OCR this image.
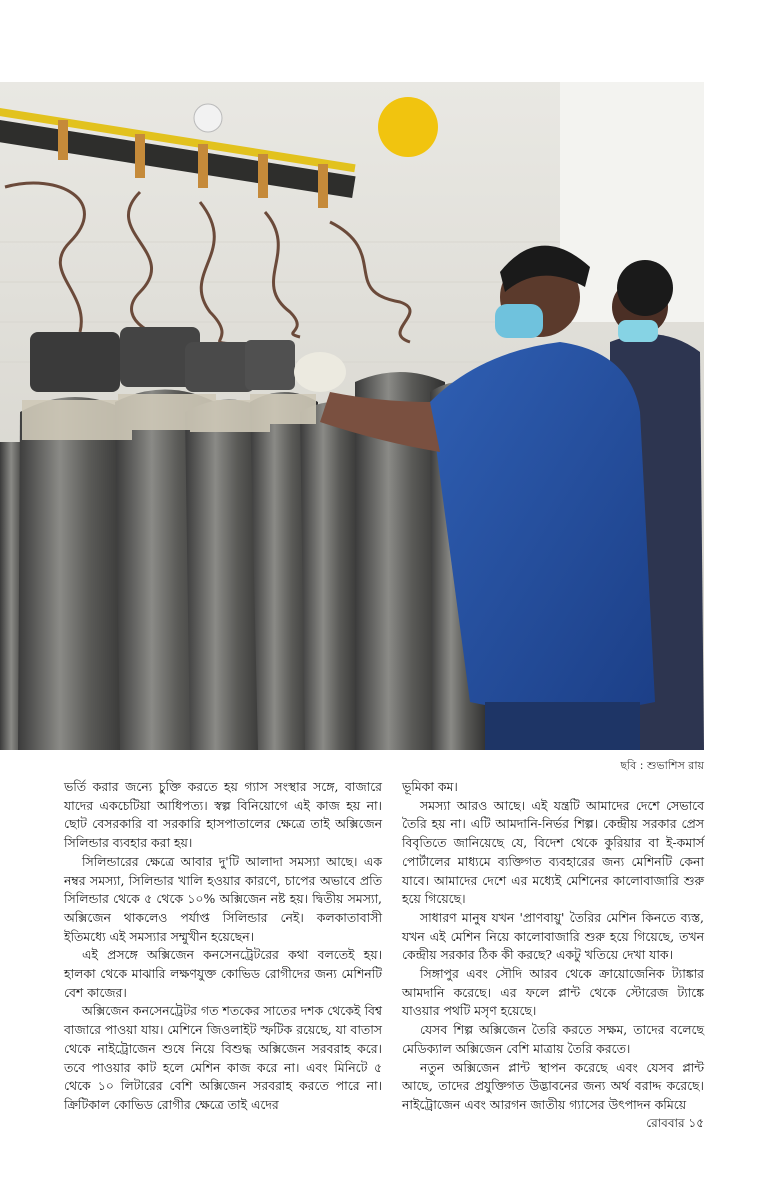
ছবি : শুভাশিস রায়

ভর্তি করার জন্যে চুক্তি করতে হয় গ্যাস সংস্থার সঙ্গে, বাজারে যাদের একচেটিয়া আধিপত্য। স্বল্প বিনিয়োগে এই কাজ হয় না। ছোট বেসরকারি বা সরকারি হাসপাতালের ক্ষেত্রে তাই অক্সিজেন সিলিন্ডার ব্যবহার করা হয়।

সিলিন্ডারের ক্ষেত্রে আবার দু'টি আলাদা সমস্যা আছে। এক নম্বর সমস্যা, সিলিন্ডার খালি হওয়ার কারণে, চাপের অভাবে প্রতি সিলিন্ডার থেকে ৫ থেকে ১০% অক্সিজেন নষ্ট হয়। দ্বিতীয় সমস্যা, অক্সিজেন থাকলেও পর্যাপ্ত সিলিন্ডার নেই। কলকাতাবাসী ইতিমধ্যে এই সমস্যার সম্মুখীন হয়েছেন।

এই প্রসঙ্গে অক্সিজেন কনসেনট্রেটরের কথা বলতেই হয়। হালকা থেকে মাঝারি লক্ষণযুক্ত কোভিড রোগীদের জন্য মেশিনটি বেশ কাজের।

অক্সিজেন কনসেনট্রেটর গত শতকের সাতের দশক থেকেই বিশ্ব বাজারে পাওয়া যায়। মেশিনে জিওলাইট স্ফটিক রয়েছে, যা বাতাস থেকে নাইট্রোজেন শুষে নিয়ে বিশুদ্ধ অক্সিজেন সরবরাহ করে। তবে পাওয়ার কাট হলে মেশিন কাজ করে না। এবং মিনিটে ৫ থেকে ১০ লিটারের বেশি অক্সিজেন সরবরাহ করতে পারে না। ক্রিটিকাল কোভিড রোগীর ক্ষেত্রে তাই এদের

ভূমিকা কম।

সমস্যা আরও আছে। এই যন্ত্রটি আমাদের দেশে সেভাবে তৈরি হয় না। এটি আমদানি-নির্ভর শিল্প। কেন্দ্রীয় সরকার প্রেস বিবৃতিতে জানিয়েছে যে, বিদেশ থেকে কুরিয়ার বা ই-কমার্স পোর্টালের মাধ্যমে ব্যক্তিগত ব্যবহারের জন্য মেশিনটি কেনা যাবে। আমাদের দেশে এর মধ্যেই মেশিনের কালোবাজারি শুরু হয়ে গিয়েছে।

সাধারণ মানুষ যখন 'প্রাণবায়ু' তৈরির মেশিন কিনতে ব্যস্ত, যখন এই মেশিন নিয়ে কালোবাজারি শুরু হয়ে গিয়েছে, তখন কেন্দ্রীয় সরকার ঠিক কী করছে? একটু খতিয়ে দেখা যাক।

সিঙ্গাপুর এবং সৌদি আরব থেকে ক্রায়োজেনিক ট্যাঙ্কার আমদানি করেছে। এর ফলে প্লান্ট থেকে স্টোরেজ ট্যাঙ্কে যাওয়ার পথটি মসৃণ হয়েছে।

যেসব শিল্প অক্সিজেন তৈরি করতে সক্ষম, তাদের বলেছে মেডিক্যাল অক্সিজেন বেশি মাত্রায় তৈরি করতে।

নতুন অক্সিজেন প্লান্ট স্থাপন করেছে এবং যেসব প্লান্ট আছে, তাদের প্রযুক্তিগত উদ্ভাবনের জন্য অর্থ বরাদ্দ করেছে। নাইট্রোজেন এবং আরগন জাতীয় গ্যাসের উৎপাদন কমিয়ে

রোববার ১৫
